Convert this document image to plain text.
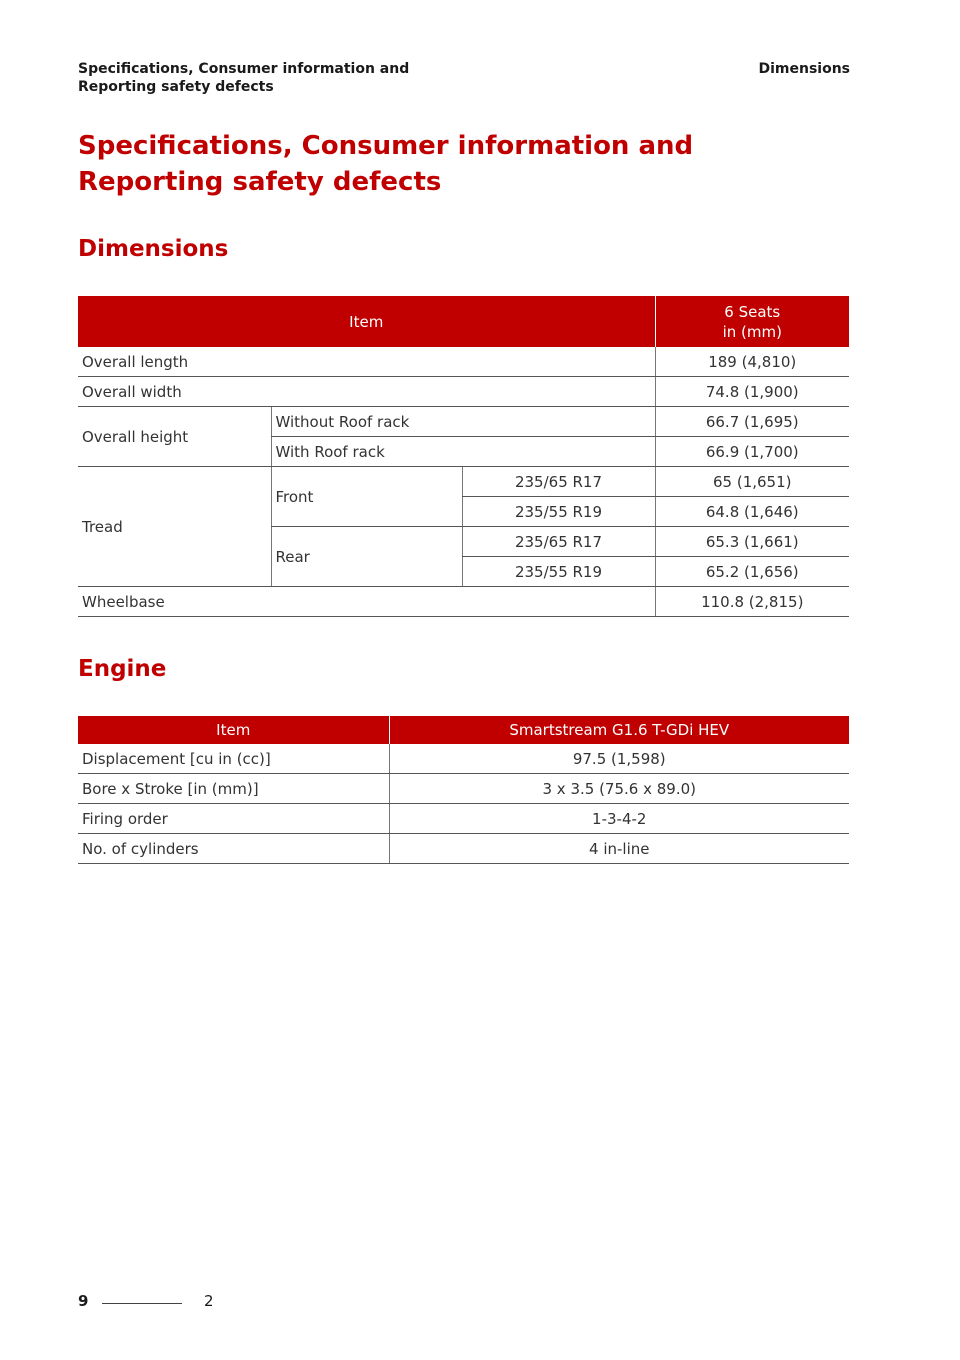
Specifications, Consumer information and Reporting safety defects
Dimensions
Specifications, Consumer information and Reporting safety defects
Dimensions
Item			6 Seats
in (mm)

Overall length			189 (4,810)
Overall width			74.8 (1,900)
Overall height	Without Roof rack		66.7 (1,695)
	With Roof rack		66.9 (1,700)
Tread	Front	235/65 R17	65 (1,651)
		235/55 R19	64.8 (1,646)
	Rear	235/65 R17	65.3 (1,661)
		235/55 R19	65.2 (1,656)
Wheelbase			110.8 (2,815)
Engine
Item	Smartstream G1.6 T-GDi HEV
Displacement [cu in (cc)]	97.5 (1,598)
Bore x Stroke [in (mm)]	3 x 3.5 (75.6 x 89.0)
Firing order	1-3-4-2
No. of cylinders	4 in-line
9	2
